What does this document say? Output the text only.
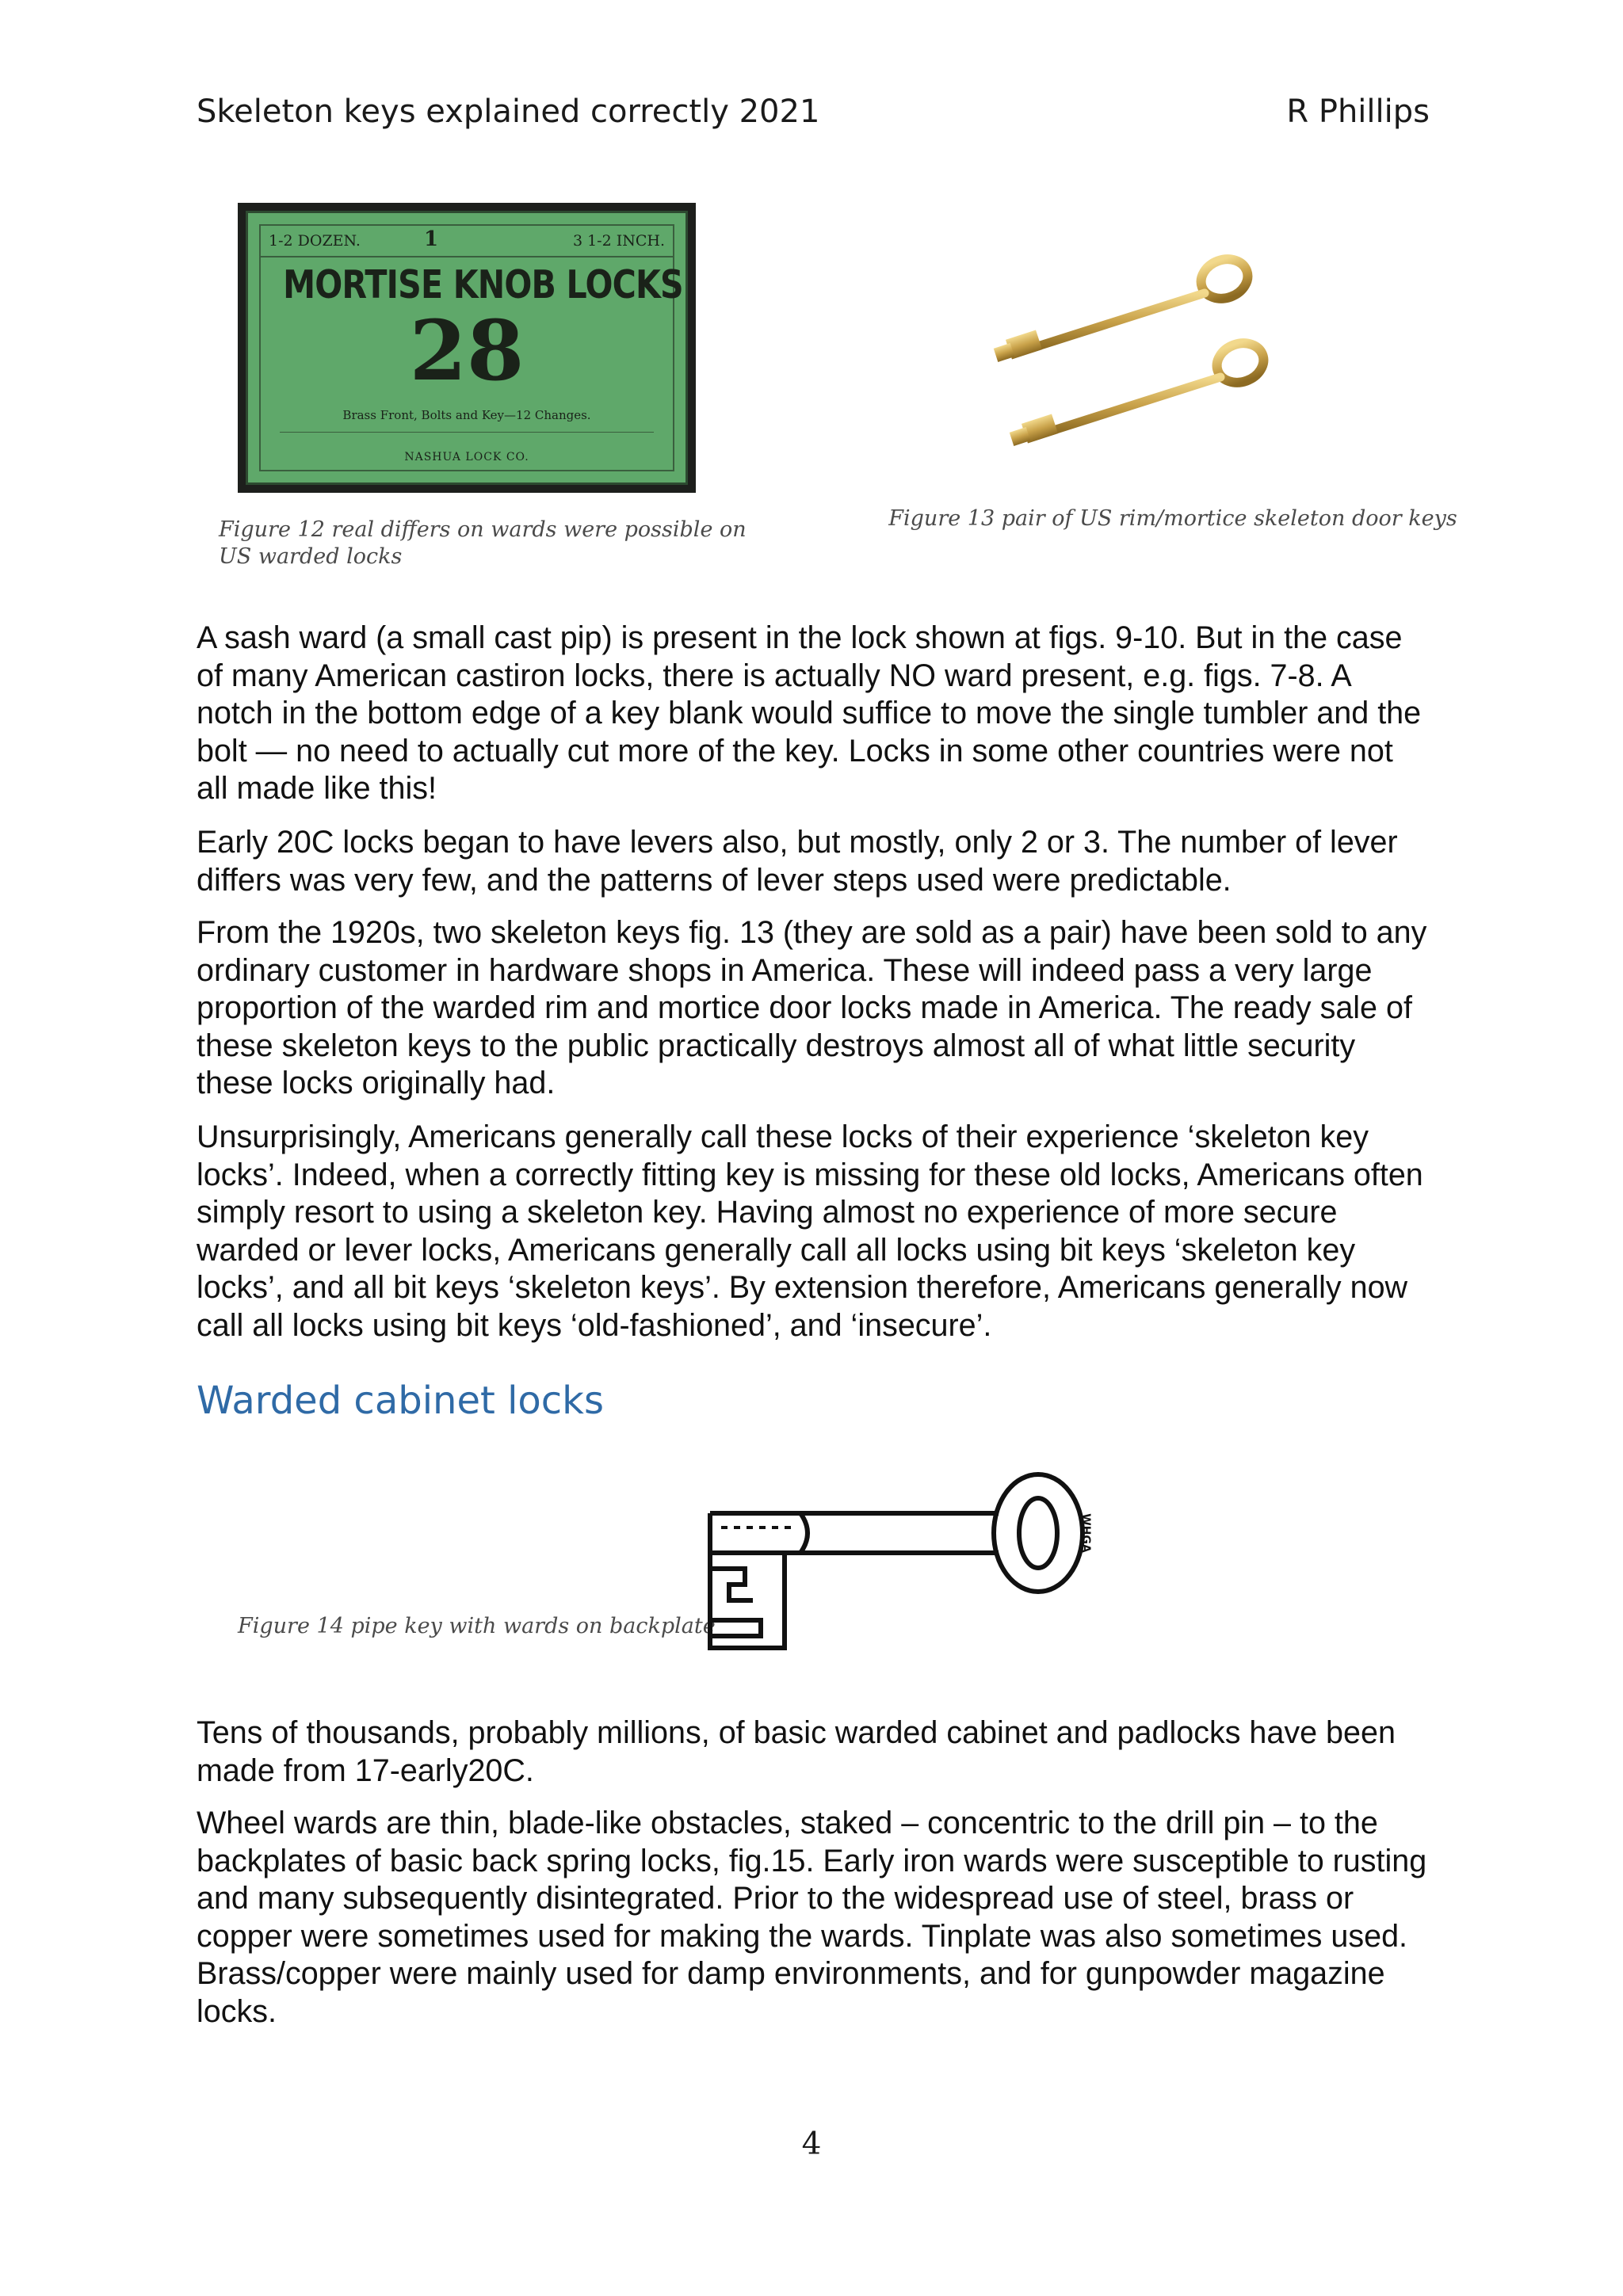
Skeleton keys explained correctly 2021	R Phillips
1-2 DOZEN.	1	3 1-2 INCH.
MORTISE KNOB LOCKS
28
Brass Front, Bolts and Key—12 Changes.
NASHUA LOCK CO.
Figure 12 real differs on wards were possible on US warded locks
Figure 13 pair of US rim/mortice skeleton door keys

A sash ward (a small cast pip) is present in the lock shown at figs. 9-10. But in the case of many American castiron locks, there is actually NO ward present, e.g. figs. 7-8. A notch in the bottom edge of a key blank would suffice to move the single tumbler and the bolt — no need to actually cut more of the key. Locks in some other countries were not all made like this!

Early 20C locks began to have levers also, but mostly, only 2 or 3. The number of lever differs was very few, and the patterns of lever steps used were predictable.

From the 1920s, two skeleton keys fig. 13 (they are sold as a pair) have been sold to any ordinary customer in hardware shops in America. These will indeed pass a very large proportion of the warded rim and mortice door locks made in America. The ready sale of these skeleton keys to the public practically destroys almost all of what little security these locks originally had.

Unsurprisingly, Americans generally call these locks of their experience ‘skeleton key locks’. Indeed, when a correctly fitting key is missing for these old locks, Americans often simply resort to using a skeleton key. Having almost no experience of more secure warded or lever locks, Americans generally call all locks using bit keys ‘skeleton key locks’, and all bit keys ‘skeleton keys’. By extension therefore, Americans generally now call all locks using bit keys ‘old-fashioned’, and ‘insecure’.

Warded cabinet locks
Figure 14 pipe key with wards on backplate
WHGA

Tens of thousands, probably millions, of basic warded cabinet and padlocks have been made from 17-early20C.

Wheel wards are thin, blade-like obstacles, staked – concentric to the drill pin – to the backplates of basic back spring locks, fig.15. Early iron wards were susceptible to rusting and many subsequently disintegrated. Prior to the widespread use of steel, brass or copper were sometimes used for making the wards. Tinplate was also sometimes used. Brass/copper were mainly used for damp environments, and for gunpowder magazine locks.

4
